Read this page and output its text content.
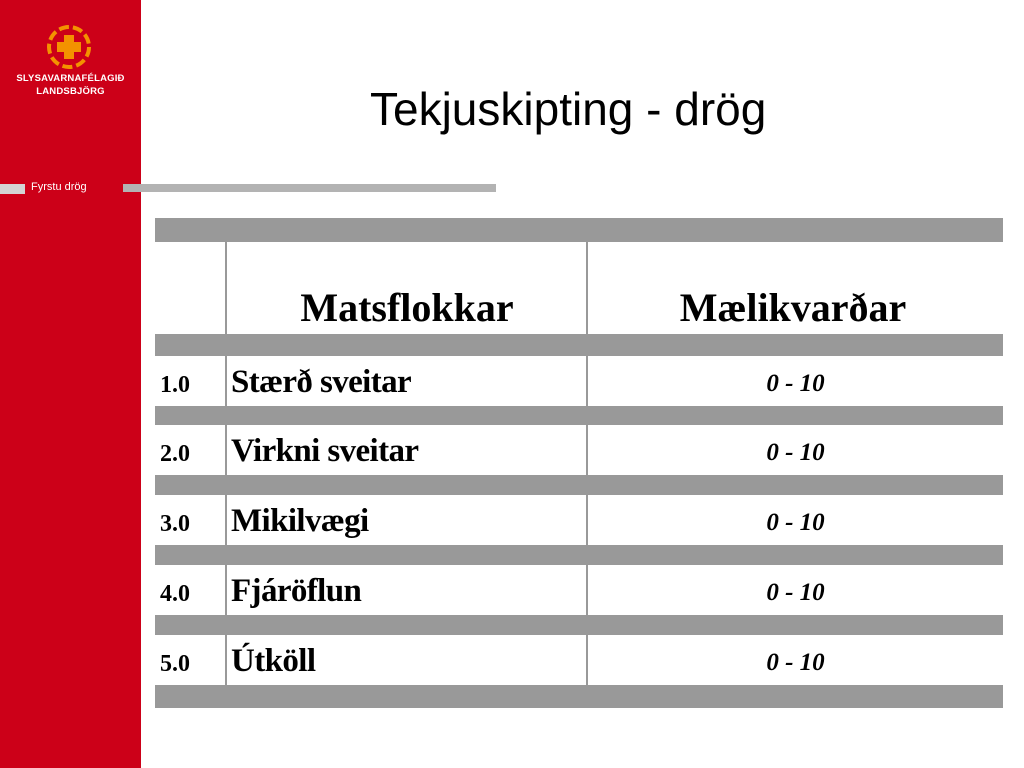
SLYSAVARNAFÉLAGIÐ
LANDSBJÖRG
Fyrstu drög
Tekjuskipting - drög
Matsflokkar	Mælikvarðar
1.0 Stærð sveitar	0 - 10
2.0 Virkni sveitar	0 - 10
3.0 Mikilvægi	0 - 10
4.0 Fjáröflun	0 - 10
5.0 Útköll	0 - 10
